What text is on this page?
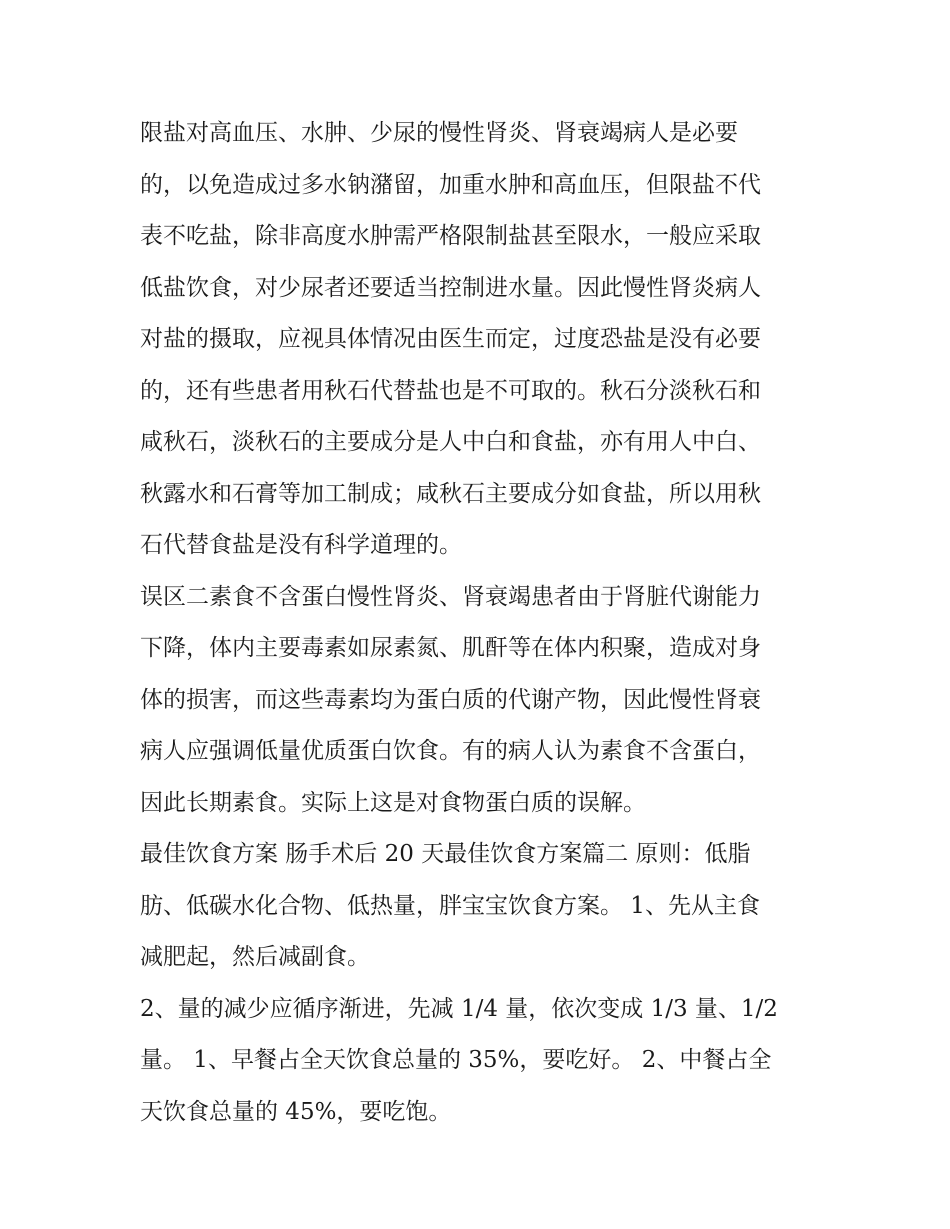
限盐对高血压、水肿、少尿的慢性肾炎、肾衰竭病人是必要
的，以免造成过多水钠潴留，加重水肿和高血压，但限盐不代
表不吃盐，除非高度水肿需严格限制盐甚至限水，一般应采取
低盐饮食，对少尿者还要适当控制进水量。因此慢性肾炎病人
对盐的摄取，应视具体情况由医生而定，过度恐盐是没有必要
的，还有些患者用秋石代替盐也是不可取的。秋石分淡秋石和
咸秋石，淡秋石的主要成分是人中白和食盐，亦有用人中白、
秋露水和石膏等加工制成；咸秋石主要成分如食盐，所以用秋
石代替食盐是没有科学道理的。
误区二素食不含蛋白慢性肾炎、肾衰竭患者由于肾脏代谢能力
下降，体内主要毒素如尿素氮、肌酐等在体内积聚，造成对身
体的损害，而这些毒素均为蛋白质的代谢产物，因此慢性肾衰
病人应强调低量优质蛋白饮食。有的病人认为素食不含蛋白，
因此长期素食。实际上这是对食物蛋白质的误解。
最佳饮食方案 肠手术后 20 天最佳饮食方案篇二 原则：低脂
肪、低碳水化合物、低热量，胖宝宝饮食方案。 1、先从主食
减肥起，然后减副食。
2、量的减少应循序渐进，先减 1/4 量，依次变成 1/3 量、1/2
量。 1、早餐占全天饮食总量的 35%，要吃好。 2、中餐占全
天饮食总量的 45%，要吃饱。
